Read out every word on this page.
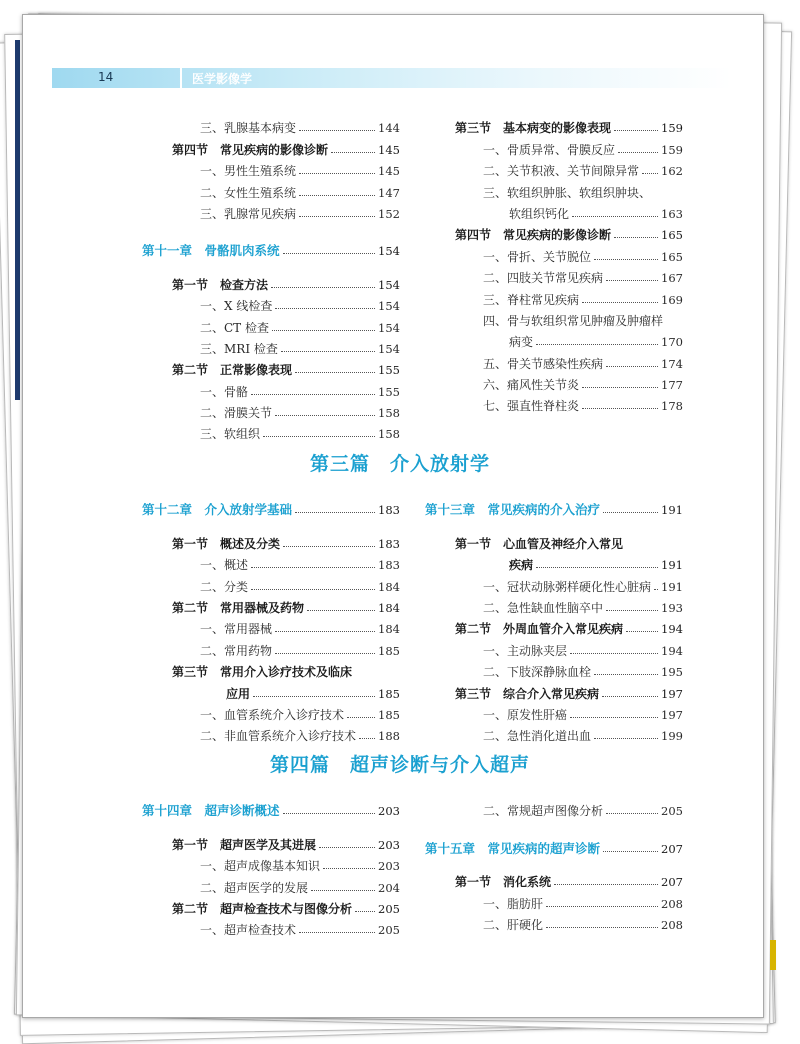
14	医学影像学
三、乳腺基本病变	144
第四节　常见疾病的影像诊断	145
一、男性生殖系统	145
二、女性生殖系统	147
三、乳腺常见疾病	152
第十一章　骨骼肌肉系统	154
第一节　检查方法	154
一、X 线检查	154
二、CT 检查	154
三、MRI 检查	154
第二节　正常影像表现	155
一、骨骼	155
二、滑膜关节	158
三、软组织	158
第三节　基本病变的影像表现	159
一、骨质异常、骨膜反应	159
二、关节积液、关节间隙异常 162
三、软组织肿胀、软组织肿块、
软组织钙化	163
第四节　常见疾病的影像诊断	165
一、骨折、关节脱位	165
二、四肢关节常见疾病	167
三、脊柱常见疾病	169
四、骨与软组织常见肿瘤及肿瘤样
病变	170
五、骨关节感染性疾病	174
六、痛风性关节炎	177
七、强直性脊柱炎	178
第三篇　介入放射学
第十二章　介入放射学基础	183
第一节　概述及分类	183
一、概述	183
二、分类	184
第二节　常用器械及药物	184
一、常用器械	184
二、常用药物	185
第三节　常用介入诊疗技术及临床
应用	185
一、血管系统介入诊疗技术	185
二、非血管系统介入诊疗技术 188
第十三章　常见疾病的介入治疗	191
第一节　心血管及神经介入常见
疾病	191
一、冠状动脉粥样硬化性心脏病 191
二、急性缺血性脑卒中	193
第二节　外周血管介入常见疾病	194
一、主动脉夹层	194
二、下肢深静脉血栓	195
第三节　综合介入常见疾病	197
一、原发性肝癌	197
二、急性消化道出血	199
第四篇　超声诊断与介入超声
第十四章　超声诊断概述	203
第一节　超声医学及其进展	203
一、超声成像基本知识	203
二、超声医学的发展	204
第二节　超声检查技术与图像分析 205
一、超声检查技术	205
二、常规超声图像分析	205
第十五章　常见疾病的超声诊断	207
第一节　消化系统	207
一、脂肪肝	208
二、肝硬化	208
